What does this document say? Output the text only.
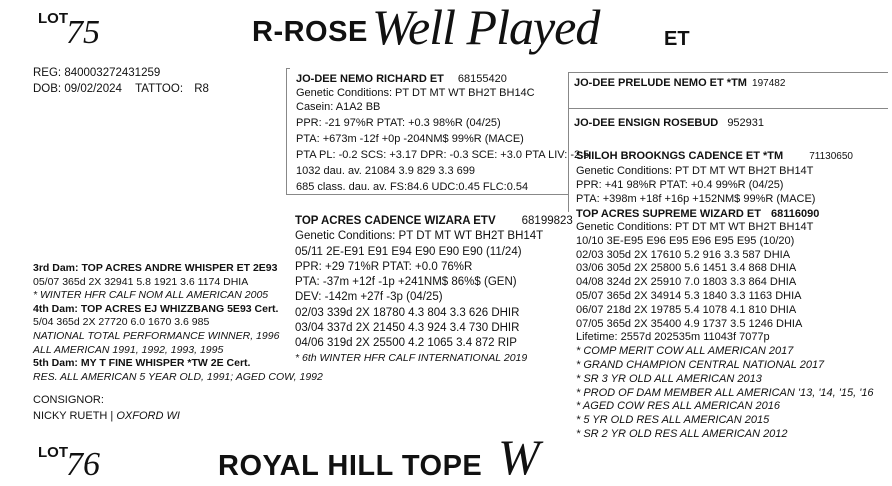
LOT
75	R-ROSE Well Played	ET
REG: 840003272431259
DOB: 09/02/2024 TATTOO: R8
JO-DEE NEMO RICHARD ET 68155420
Genetic Conditions: PT DT MT WT BH2T BH14C
Casein: A1A2 BB
PPR: -21 97%R PTAT: +0.3 98%R (04/25)
PTA: +673m -12f +0p -204NM$ 99%R (MACE)
PTA PL: -0.2 SCS: +3.17 DPR: -0.3 SCE: +3.0 PTA LIV: -2.5
1032 dau. av. 21084 3.9 829 3.3 699
685 class. dau. av. FS:84.6 UDC:0.45 FLC:0.54
JO-DEE PRELUDE NEMO ET *TM 197482
JO-DEE ENSIGN ROSEBUD 952931
SHILOH BROOKNGS CADENCE ET *TM	71130650
Genetic Conditions: PT DT MT WT BH2T BH14T
PPR: +41 98%R PTAT: +0.4 99%R (04/25)
PTA: +398m +18f +16p +152NM$ 99%R (MACE)
TOP ACRES CADENCE WIZARA ETV 68199823
Genetic Conditions: PT DT MT WT BH2T BH14T
05/11 2E-E91 E91 E94 E90 E90 E90 (11/24)
PPR: +29 71%R PTAT: +0.0 76%R
PTA: -37m +12f -1p +241NM$ 86%$ (GEN)
DEV: -142m +27f -3p (04/25)
02/03 339d 2X 18780 4.3 804 3.3 626 DHIR
03/04 337d 2X 21450 4.3 924 3.4 730 DHIR
04/06 319d 2X 25500 4.2 1065 3.4 872 RIP
* 6th WINTER HFR CALF INTERNATIONAL 2019
TOP ACRES SUPREME WIZARD ET 68116090
Genetic Conditions: PT DT MT WT BH2T BH14T
10/10 3E-E95 E96 E95 E96 E95 E95 (10/20)
02/03 305d 2X 17610 5.2 916 3.3 587 DHIA
03/06 305d 2X 25800 5.6 1451 3.4 868 DHIA
04/08 324d 2X 25910 7.0 1803 3.3 864 DHIA
05/07 365d 2X 34914 5.3 1840 3.3 1163 DHIA
06/07 218d 2X 19785 5.4 1078 4.1 810 DHIA
07/05 365d 2X 35400 4.9 1737 3.5 1246 DHIA
Lifetime: 2557d 202535m 11043f 7077p
* COMP MERIT COW ALL AMERICAN 2017
* GRAND CHAMPION CENTRAL NATIONAL 2017
* SR 3 YR OLD ALL AMERICAN 2013
* PROD OF DAM MEMBER ALL AMERICAN '13, '14, '15, '16
* AGED COW RES ALL AMERICAN 2016
* 5 YR OLD RES ALL AMERICAN 2015
* SR 2 YR OLD RES ALL AMERICAN 2012
3rd Dam: TOP ACRES ANDRE WHISPER ET 2E93
05/07 365d 2X 32941 5.8 1921 3.6 1174 DHIA
* WINTER HFR CALF NOM ALL AMERICAN 2005
4th Dam: TOP ACRES EJ WHIZZBANG 5E93 Cert.
5/04 365d 2X 27720 6.0 1670 3.6 985
NATIONAL TOTAL PERFORMANCE WINNER, 1996
ALL AMERICAN 1991, 1992, 1993, 1995
5th Dam: MY T FINE WHISPER *TW 2E Cert.
RES. ALL AMERICAN 5 YEAR OLD, 1991; AGED COW, 1992
CONSIGNOR:
NICKY RUETH | OXFORD WI
LOT
76	ROYAL HILL TOPE W
